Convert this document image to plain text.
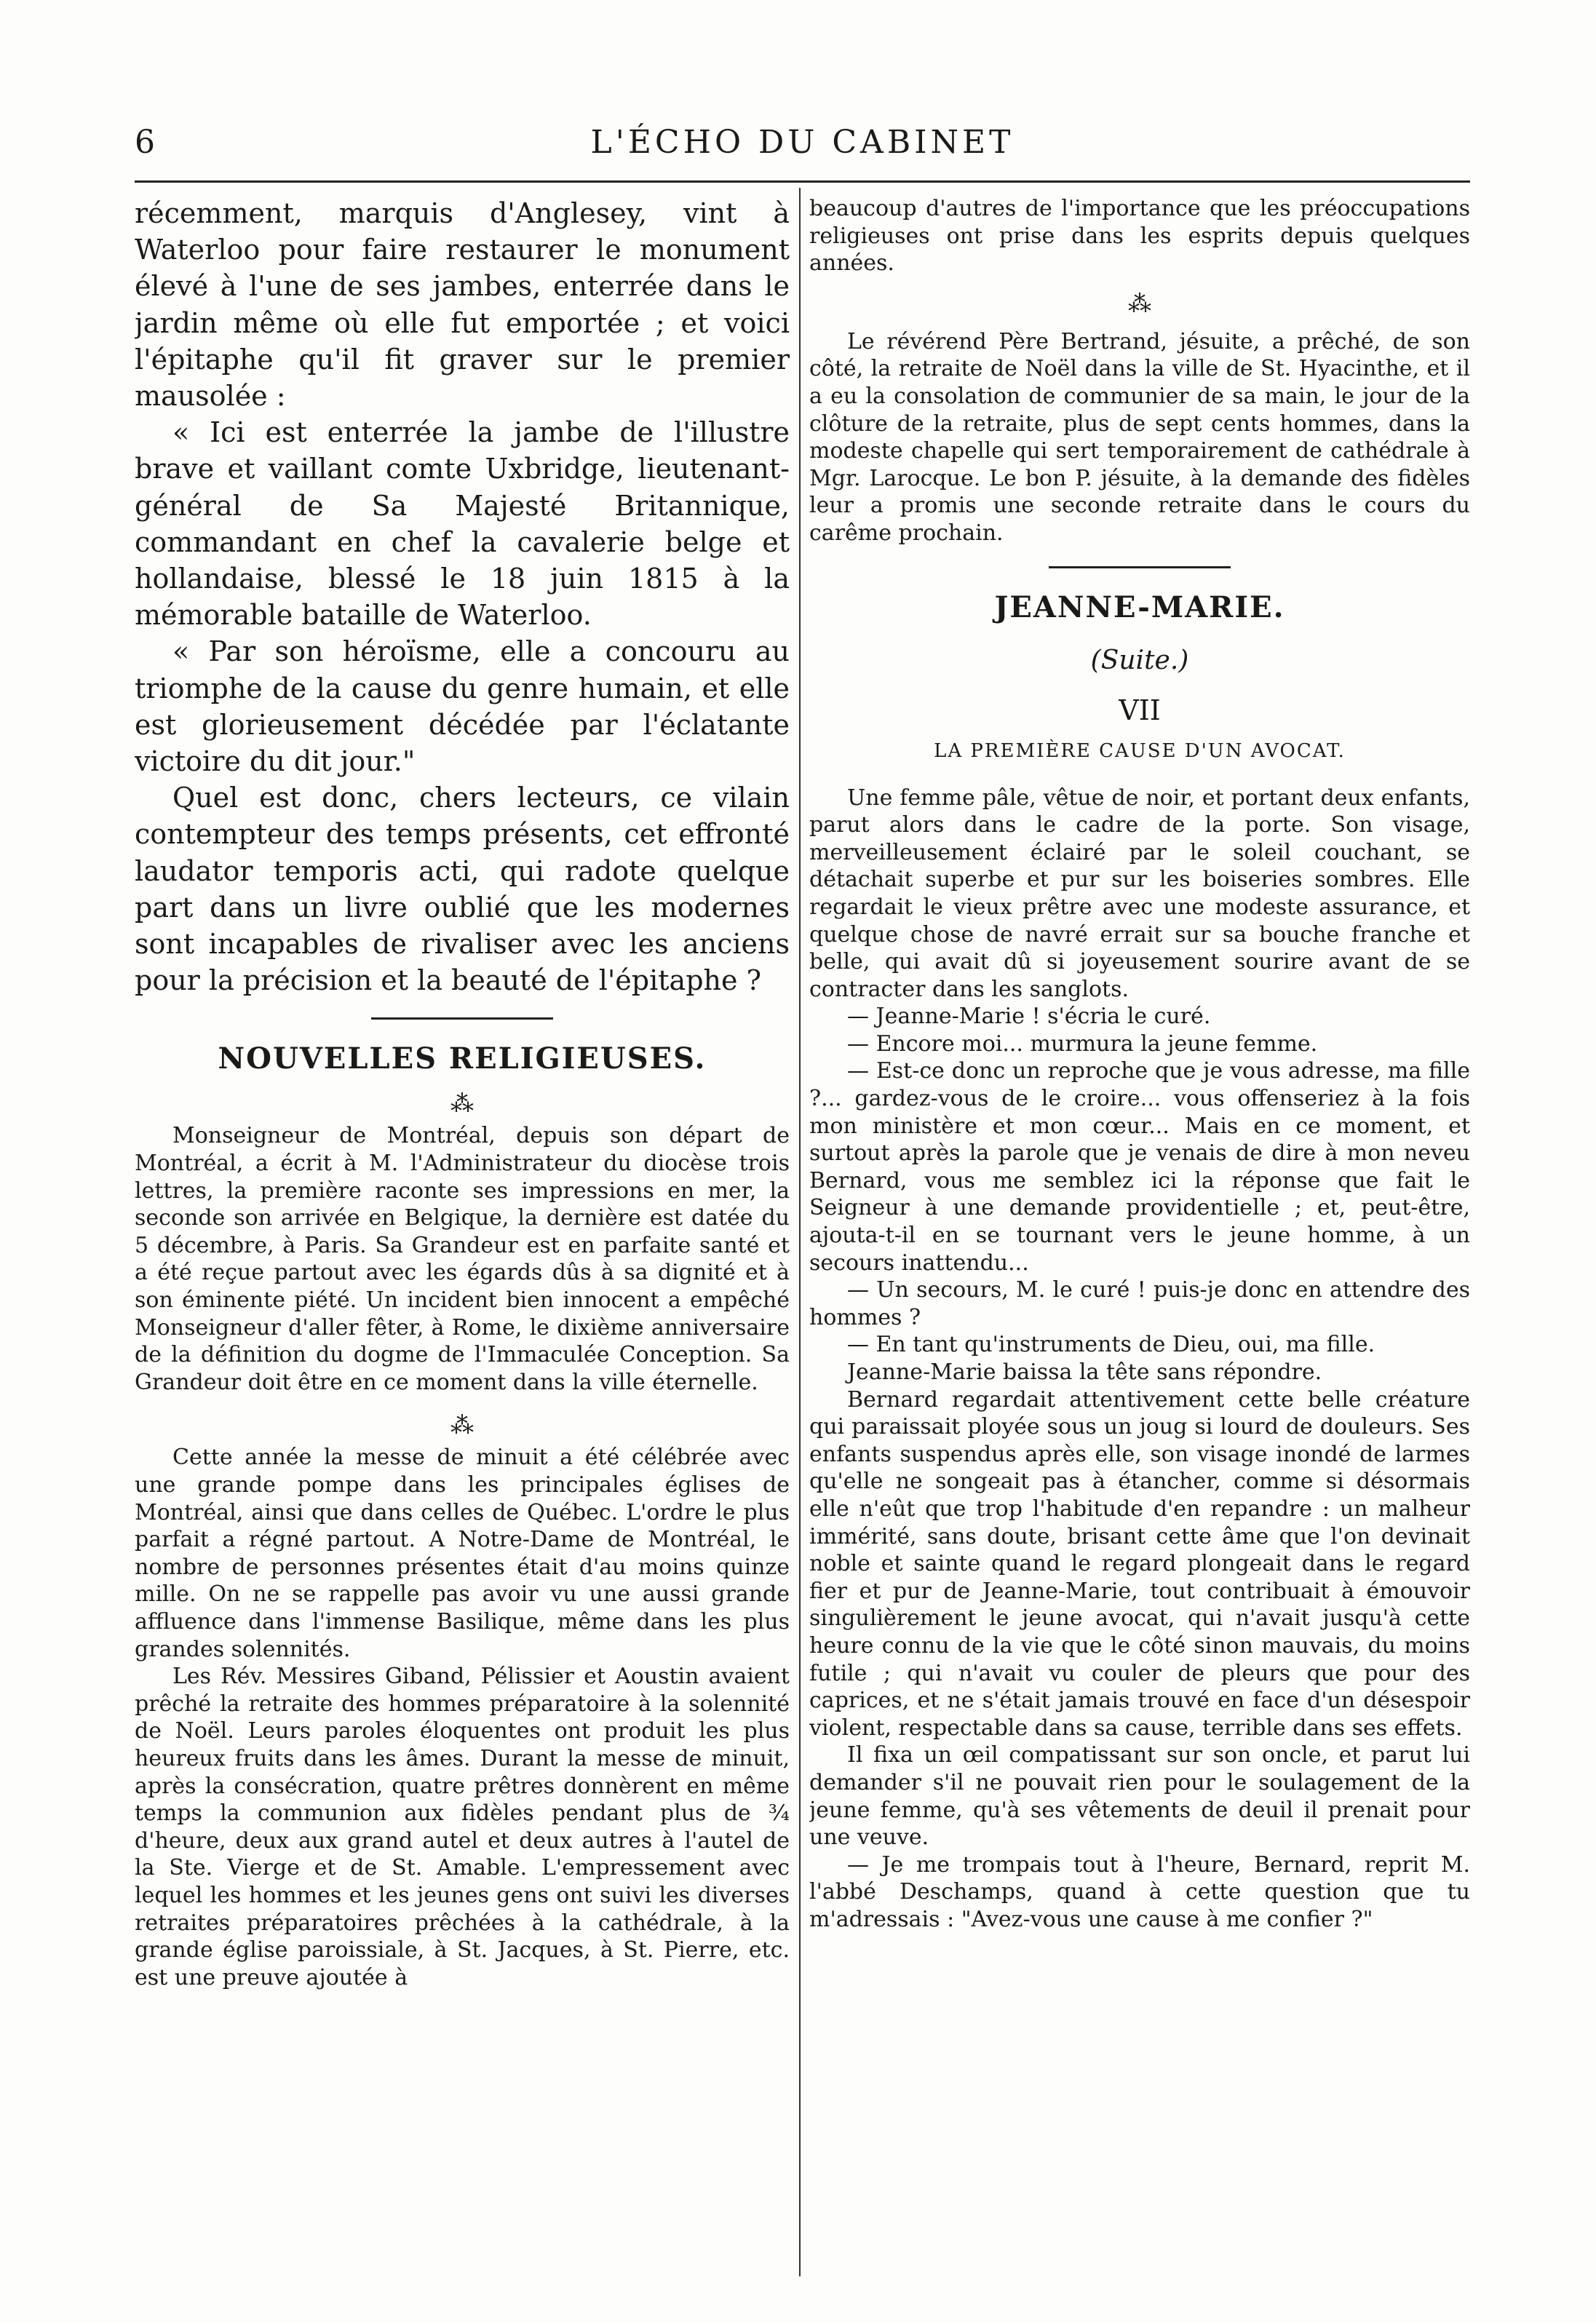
6	L'ÉCHO DU CABINET

récemment, marquis d'Anglesey, vint à Waterloo pour faire restaurer le monument élevé à l'une de ses jambes, enterrée dans le jardin même où elle fut emportée ; et voici l'épitaphe qu'il fit graver sur le premier mausolée :

« Ici est enterrée la jambe de l'illustre brave et vaillant comte Uxbridge, lieutenant-général de Sa Majesté Britannique, commandant en chef la cavalerie belge et hollandaise, blessé le 18 juin 1815 à la mémorable bataille de Waterloo.

« Par son héroïsme, elle a concouru au triomphe de la cause du genre humain, et elle est glorieusement décédée par l'éclatante victoire du dit jour."

Quel est donc, chers lecteurs, ce vilain contempteur des temps présents, cet effronté laudator temporis acti, qui radote quelque part dans un livre oublié que les modernes sont incapables de rivaliser avec les anciens pour la précision et la beauté de l'épitaphe ?

NOUVELLES RELIGIEUSES.
⁂

Monseigneur de Montréal, depuis son départ de Montréal, a écrit à M. l'Administrateur du diocèse trois lettres, la première raconte ses impressions en mer, la seconde son arrivée en Belgique, la dernière est datée du 5 décembre, à Paris. Sa Grandeur est en parfaite santé et a été reçue partout avec les égards dûs à sa dignité et à son éminente piété. Un incident bien innocent a empêché Monseigneur d'aller fêter, à Rome, le dixième anniversaire de la définition du dogme de l'Immaculée Conception. Sa Grandeur doit être en ce moment dans la ville éternelle.

⁂

Cette année la messe de minuit a été célébrée avec une grande pompe dans les principales églises de Montréal, ainsi que dans celles de Québec. L'ordre le plus parfait a régné partout. A Notre-Dame de Montréal, le nombre de personnes présentes était d'au moins quinze mille. On ne se rappelle pas avoir vu une aussi grande affluence dans l'immense Basilique, même dans les plus grandes solennités.

Les Rév. Messires Giband, Pélissier et Aoustin avaient prêché la retraite des hommes préparatoire à la solennité de Noël. Leurs paroles éloquentes ont produit les plus heureux fruits dans les âmes. Durant la messe de minuit, après la consécration, quatre prêtres donnèrent en même temps la communion aux fidèles pendant plus de ¾ d'heure, deux aux grand autel et deux autres à l'autel de la Ste. Vierge et de St. Amable. L'empressement avec lequel les hommes et les jeunes gens ont suivi les diverses retraites préparatoires prêchées à la cathédrale, à la grande église paroissiale, à St. Jacques, à St. Pierre, etc. est une preuve ajoutée à

beaucoup d'autres de l'importance que les préoccupations religieuses ont prise dans les esprits depuis quelques années.

⁂

Le révérend Père Bertrand, jésuite, a prêché, de son côté, la retraite de Noël dans la ville de St. Hyacinthe, et il a eu la consolation de communier de sa main, le jour de la clôture de la retraite, plus de sept cents hommes, dans la modeste chapelle qui sert temporairement de cathédrale à Mgr. Larocque. Le bon P. jésuite, à la demande des fidèles leur a promis une seconde retraite dans le cours du carême prochain.

JEANNE-MARIE.
(Suite.)
VII
LA PREMIÈRE CAUSE D'UN AVOCAT.

Une femme pâle, vêtue de noir, et portant deux enfants, parut alors dans le cadre de la porte. Son visage, merveilleusement éclairé par le soleil couchant, se détachait superbe et pur sur les boiseries sombres. Elle regardait le vieux prêtre avec une modeste assurance, et quelque chose de navré errait sur sa bouche franche et belle, qui avait dû si joyeusement sourire avant de se contracter dans les sanglots.

— Jeanne-Marie ! s'écria le curé.

— Encore moi... murmura la jeune femme.

— Est-ce donc un reproche que je vous adresse, ma fille ?... gardez-vous de le croire... vous offenseriez à la fois mon ministère et mon cœur... Mais en ce moment, et surtout après la parole que je venais de dire à mon neveu Bernard, vous me semblez ici la réponse que fait le Seigneur à une demande providentielle ; et, peut-être, ajouta-t-il en se tournant vers le jeune homme, à un secours inattendu...

— Un secours, M. le curé ! puis-je donc en attendre des hommes ?

— En tant qu'instruments de Dieu, oui, ma fille.

Jeanne-Marie baissa la tête sans répondre.

Bernard regardait attentivement cette belle créature qui paraissait ployée sous un joug si lourd de douleurs. Ses enfants suspendus après elle, son visage inondé de larmes qu'elle ne songeait pas à étancher, comme si désormais elle n'eût que trop l'habitude d'en repandre : un malheur immérité, sans doute, brisant cette âme que l'on devinait noble et sainte quand le regard plongeait dans le regard fier et pur de Jeanne-Marie, tout contribuait à émouvoir singulièrement le jeune avocat, qui n'avait jusqu'à cette heure connu de la vie que le côté sinon mauvais, du moins futile ; qui n'avait vu couler de pleurs que pour des caprices, et ne s'était jamais trouvé en face d'un désespoir violent, respectable dans sa cause, terrible dans ses effets.

Il fixa un œil compatissant sur son oncle, et parut lui demander s'il ne pouvait rien pour le soulagement de la jeune femme, qu'à ses vêtements de deuil il prenait pour une veuve.

— Je me trompais tout à l'heure, Bernard, reprit M. l'abbé Deschamps, quand à cette question que tu m'adressais : "Avez-vous une cause à me confier ?"
